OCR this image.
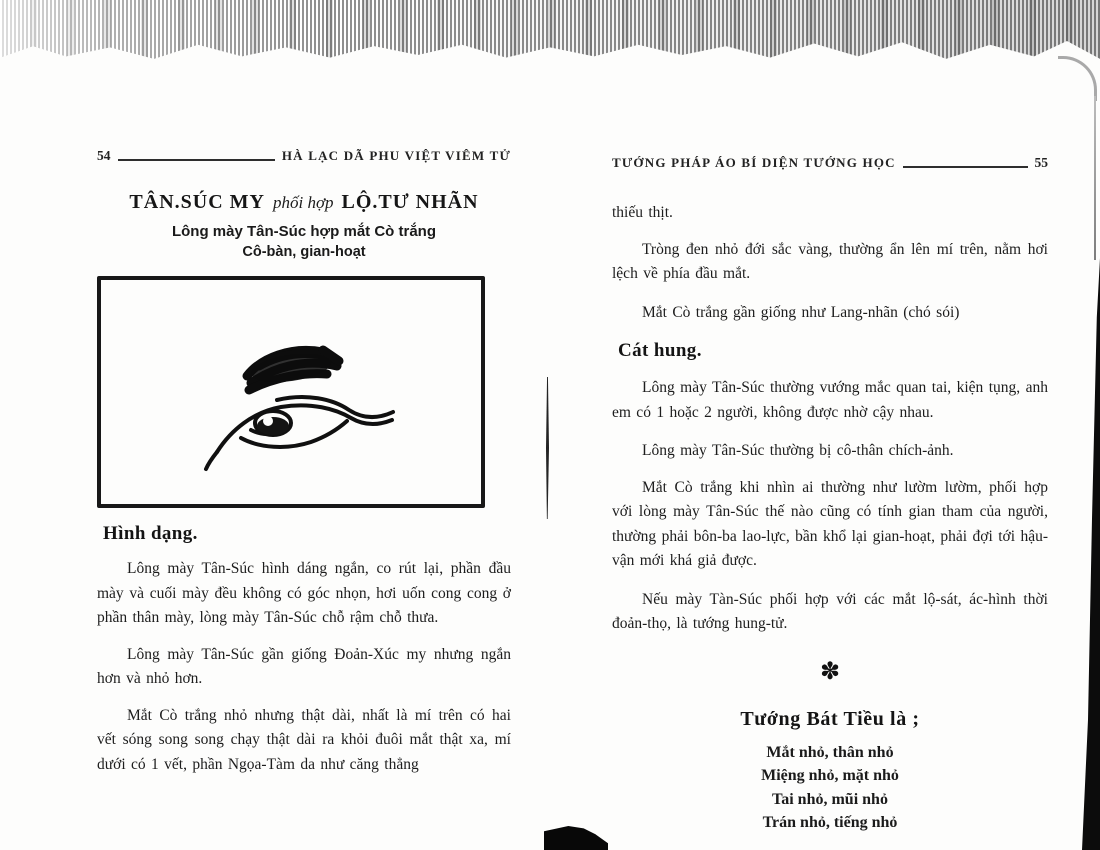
54	HÀ LẠC DÃ PHU VIỆT VIÊM TỬ
TÂN.SÚC MY phối hợp LỘ.TƯ NHÃN
Lông mày Tân-Súc hợp mắt Cò trắng
Cô-bàn, gian-hoạt
Hình dạng.
Lông mày Tân-Súc hình dáng ngắn, co rút lại, phần đầu mày và cuối mày đều không có góc nhọn, hơi uốn cong cong ở phần thân mày, lòng mày Tân-Súc chỗ rậm chỗ thưa.
Lông mày Tân-Súc gần giống Đoản-Xúc my nhưng ngắn hơn và nhỏ hơn.
Mắt Cò trắng nhỏ nhưng thật dài, nhất là mí trên có hai vết sóng song song chạy thật dài ra khỏi đuôi mắt thật xa, mí dưới có 1 vết, phần Ngọa-Tàm da như căng thẳng
TƯỚNG PHÁP ÁO BÍ DIỆN TƯỚNG HỌC	55
thiếu thịt.
Tròng đen nhỏ đới sắc vàng, thường ẩn lên mí trên, nằm hơi lệch về phía đầu mắt.
Mắt Cò trắng gần giống như Lang-nhãn (chó sói)
Cát hung.
Lông mày Tân-Súc thường vướng mắc quan tai, kiện tụng, anh em có 1 hoặc 2 người, không được nhờ cậy nhau.
Lông mày Tân-Súc thường bị cô-thân chích-ảnh.
Mắt Cò trắng khi nhìn ai thường như lườm lườm, phối hợp với lòng mày Tân-Súc thế nào cũng có tính gian tham của người, thường phải bôn-ba lao-lực, bần khổ lại gian-hoạt, phải đợi tới hậu-vận mới khá giả được.
Nếu mày Tàn-Súc phối hợp với các mắt lộ-sát, ác-hình thời đoản-thọ, là tướng hung-tử.
✽
Tướng Bát Tiều là ;
Mắt nhỏ, thân nhỏ
Miệng nhỏ, mặt nhỏ
Tai nhỏ, mũi nhỏ
Trán nhỏ, tiếng nhỏ
